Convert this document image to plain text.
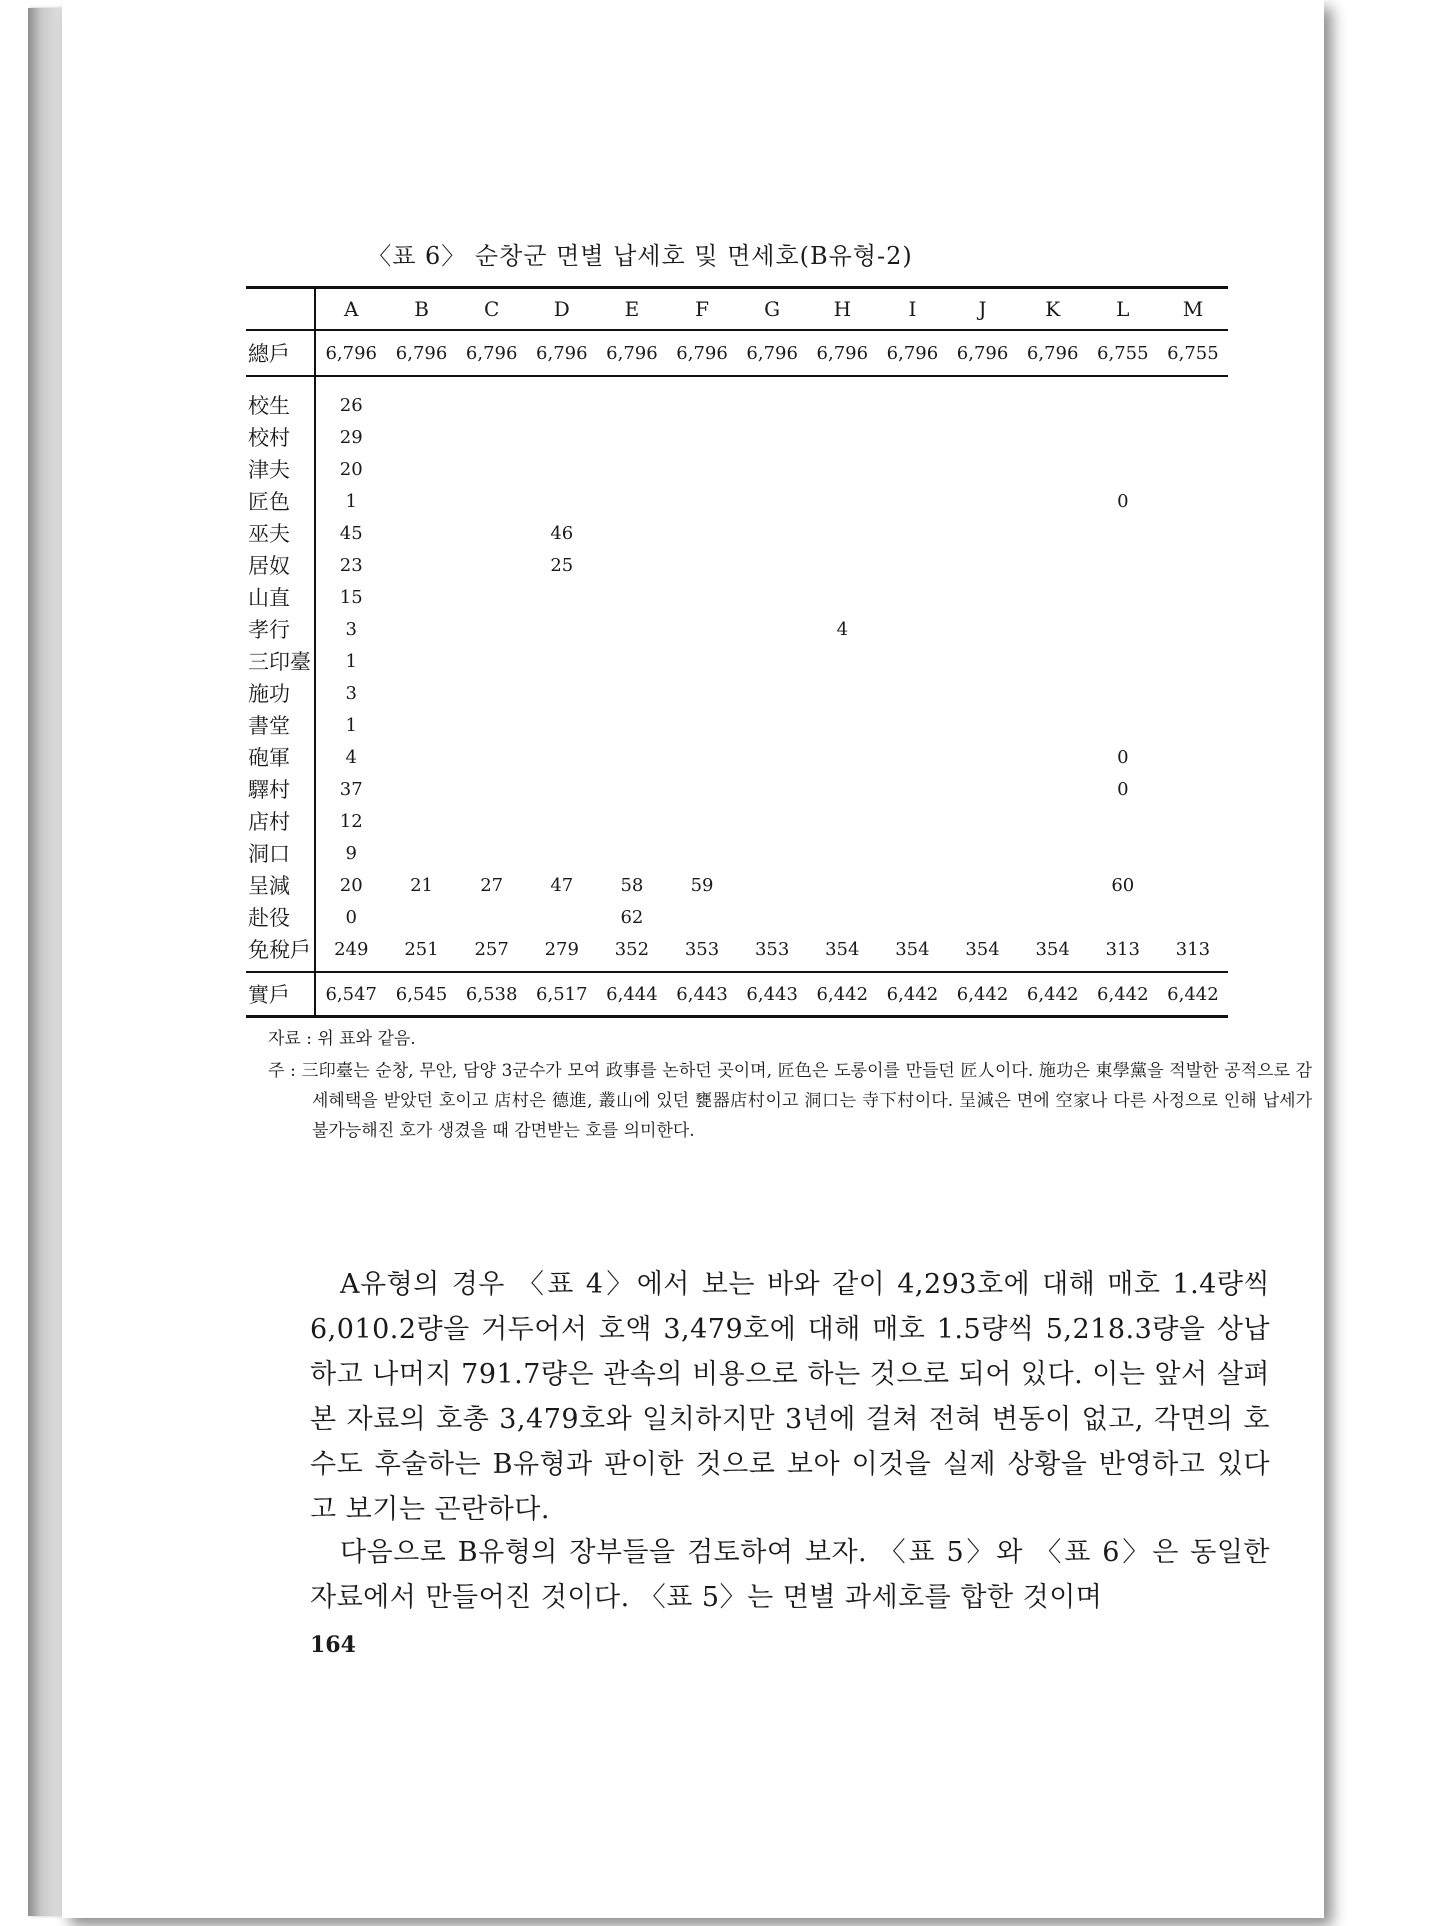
〈표 6〉 순창군 면별 납세호 및 면세호(B유형-2)
	A	B	C	D	E	F	G	H	I	J	K	L	M
總戶	6,796	6,796	6,796	6,796	6,796	6,796	6,796	6,796	6,796	6,796	6,796	6,755	6,755
校生	26												
校村	29												
津夫	20												
匠色	1											0	
巫夫	45			46									
居奴	23			25									
山直	15												
孝行	3							4					
三印臺	1												
施功	3												
書堂	1												
砲軍	4											0	
驛村	37											0	
店村	12												
洞口	9												
呈減	20	21	27	47	58	59						60	
赴役	0				62								
免稅戶	249	251	257	279	352	353	353	354	354	354	354	313	313
實戶	6,547	6,545	6,538	6,517	6,444	6,443	6,443	6,442	6,442	6,442	6,442	6,442	6,442
자료 : 위 표와 같음.
주 : 三印臺는 순창, 무안, 담양 3군수가 모여 政事를 논하던 곳이며, 匠色은 도롱이를 만들던 匠人이다. 施功은 東學黨을 적발한 공적으로 감세혜택을 받았던 호이고 店村은 德進, 叢山에 있던 甕器店村이고 洞口는 寺下村이다. 呈減은 면에 空家나 다른 사정으로 인해 납세가 불가능해진 호가 생겼을 때 감면받는 호를 의미한다.
A유형의 경우 〈표 4〉에서 보는 바와 같이 4,293호에 대해 매호 1.4량씩 6,010.2량을 거두어서 호액 3,479호에 대해 매호 1.5량씩 5,218.3량을 상납하고 나머지 791.7량은 관속의 비용으로 하는 것으로 되어 있다. 이는 앞서 살펴본 자료의 호총 3,479호와 일치하지만 3년에 걸쳐 전혀 변동이 없고, 각면의 호수도 후술하는 B유형과 판이한 것으로 보아 이것을 실제 상황을 반영하고 있다고 보기는 곤란하다.
다음으로 B유형의 장부들을 검토하여 보자. 〈표 5〉와 〈표 6〉은 동일한 자료에서 만들어진 것이다. 〈표 5〉는 면별 과세호를 합한 것이며
164
